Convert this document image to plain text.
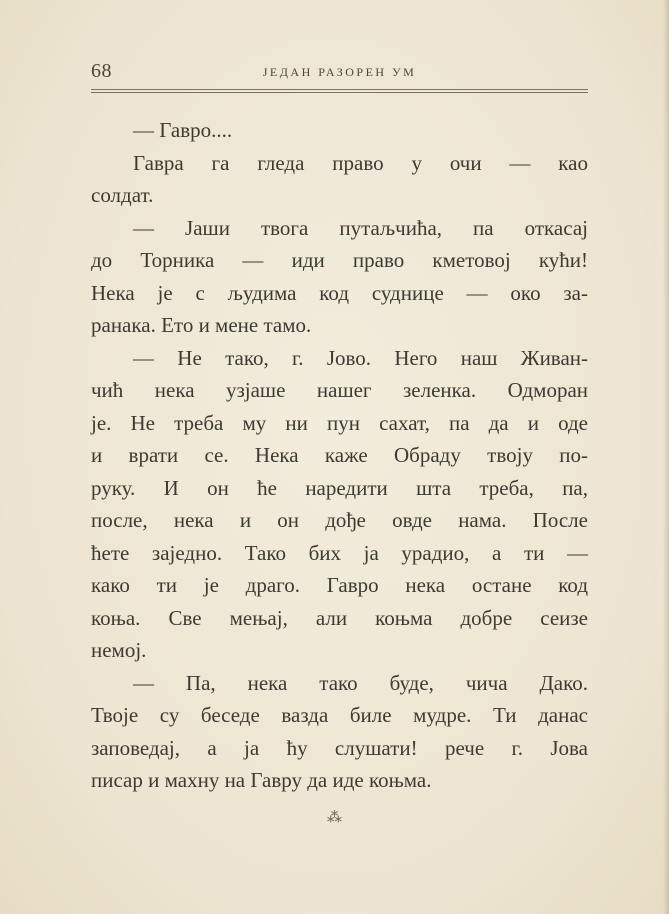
68	ЈЕДАН РАЗОРЕН УМ
— Гавро....
Гавра га гледа право у очи — као
солдат.
— Јаши твога путаљчића, па откасај
до Торника — иди право кметовој кући!
Нека је с људима код суднице — око за-
ранака. Ето и мене тамо.
— Не тако, г. Јово. Него наш Живан-
чић нека узјаше нашег зеленка. Одморан
је. Не треба му ни пун сахат, па да и оде
и врати се. Нека каже Обраду твоју по-
руку. И он ће наредити шта треба, па,
после, нека и он дође овде нама. После
ћете заједно. Тако бих ја урадио, а ти —
како ти је драго. Гавро нека остане код
коња. Све мењај, али коњма добре сеизе
немој.
— Па, нека тако буде, чича Дако.
Твоје су беседе вазда биле мудре. Ти данас
заповедај, а ја ћу слушати! рече г. Јова
писар и махну на Гавру да иде коњма.
⁂
